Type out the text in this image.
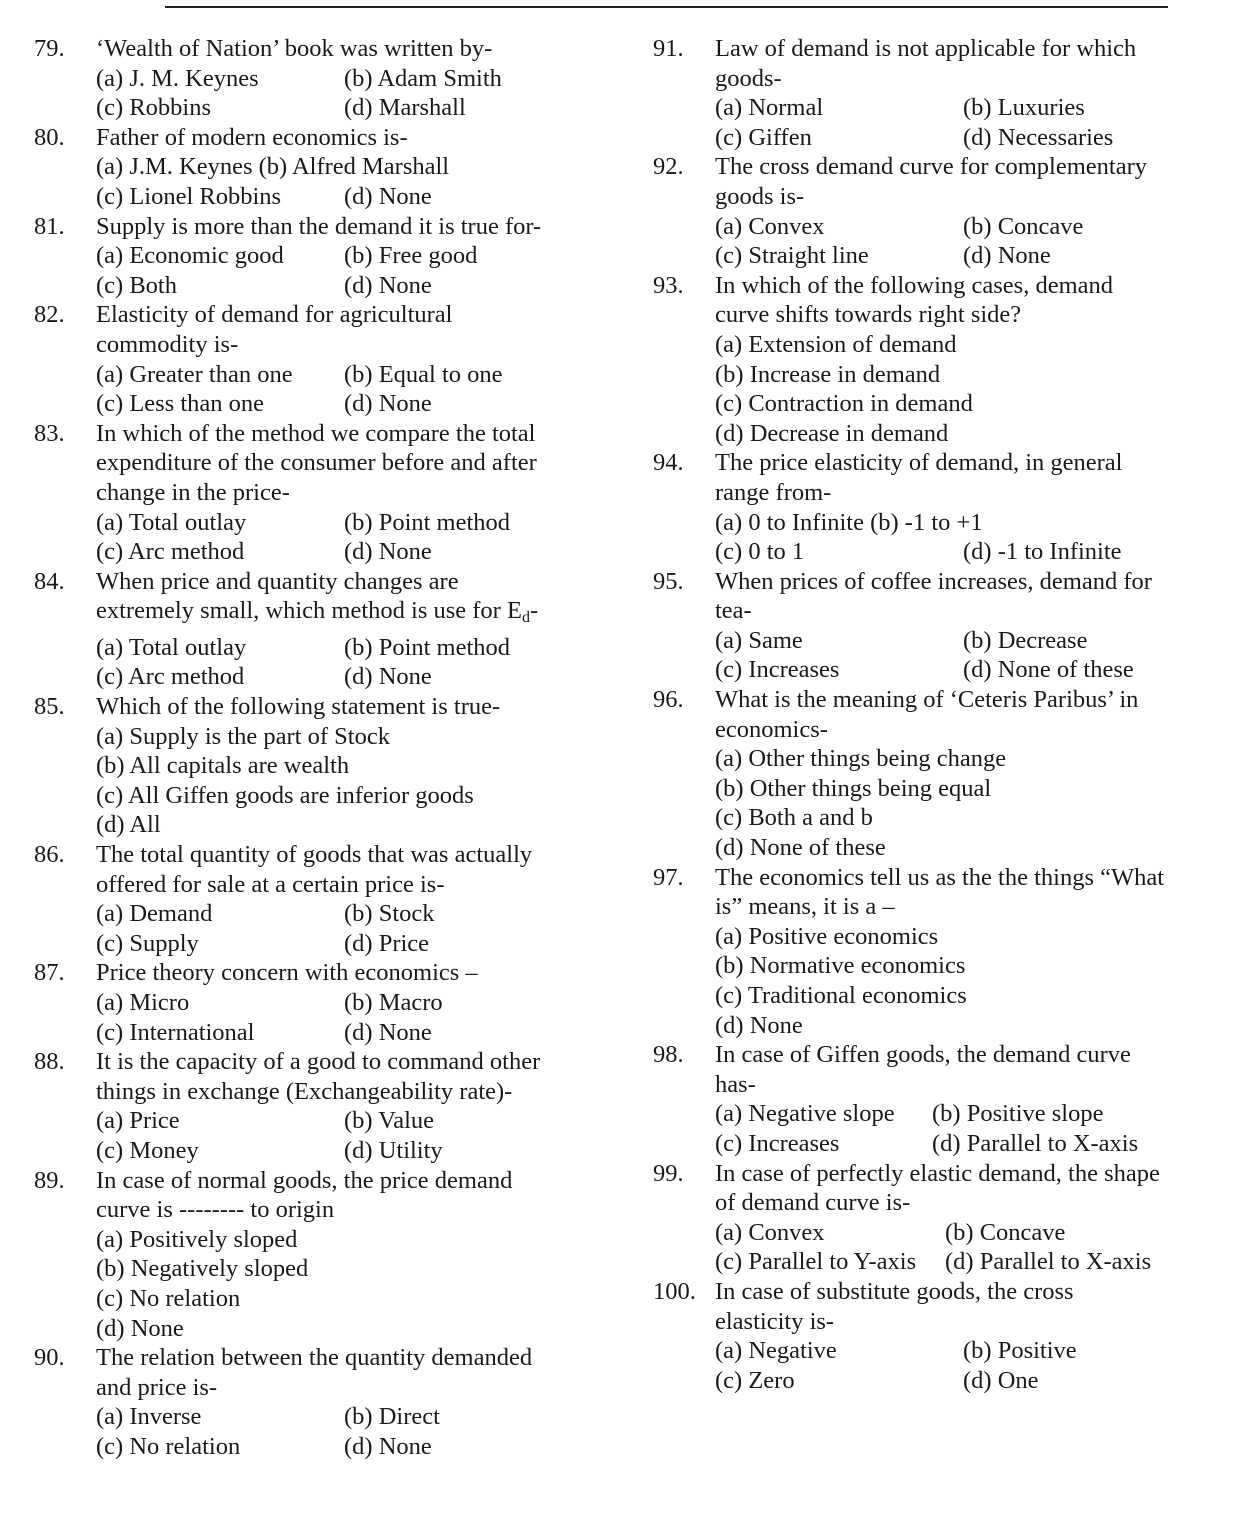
79.	‘Wealth of Nation’ book was written by-
(a) J. M. Keynes	(b) Adam Smith
(c) Robbins	(d) Marshall
80.	Father of modern economics is-
(a) J.M. Keynes (b) Alfred Marshall
(c) Lionel Robbins	(d) None
81.	Supply is more than the demand it is true for-
(a) Economic good	(b) Free good
(c) Both	(d) None
82.	Elasticity of demand for agricultural
commodity is-
(a) Greater than one	(b) Equal to one
(c) Less than one	(d) None
83.	In which of the method we compare the total
expenditure of the consumer before and after
change in the price-
(a) Total outlay	(b) Point method
(c) Arc method	(d) None
84.	When price and quantity changes are
extremely small, which method is use for $E_d-$
(a) Total outlay	(b) Point method
(c) Arc method	(d) None
85.	Which of the following statement is true-
(a) Supply is the part of Stock
(b) All capitals are wealth
(c) All Giffen goods are inferior goods
(d) All
86.	The total quantity of goods that was actually
offered for sale at a certain price is-
(a) Demand	(b) Stock
(c) Supply	(d) Price
87.	Price theory concern with economics –
(a) Micro	(b) Macro
(c) International	(d) None
88.	It is the capacity of a good to command other
things in exchange (Exchangeability rate)-
(a) Price	(b) Value
(c) Money	(d) Utility
89.	In case of normal goods, the price demand
curve is -------- to origin
(a) Positively sloped
(b) Negatively sloped
(c) No relation
(d) None
90.	The relation between the quantity demanded
and price is-
(a) Inverse	(b) Direct
(c) No relation	(d) None
91.	Law of demand is not applicable for which
goods-
(a) Normal	(b) Luxuries
(c) Giffen	(d) Necessaries
92.	The cross demand curve for complementary
goods is-
(a) Convex	(b) Concave
(c) Straight line	(d) None
93.	In which of the following cases, demand
curve shifts towards right side?
(a) Extension of demand
(b) Increase in demand
(c) Contraction in demand
(d) Decrease in demand
94.	The price elasticity of demand, in general
range from-
(a) 0 to Infinite (b) -1 to +1
(c) 0 to 1	(d) -1 to Infinite
95.	When prices of coffee increases, demand for
tea-
(a) Same	(b) Decrease
(c) Increases	(d) None of these
96.	What is the meaning of ‘Ceteris Paribus’ in
economics-
(a) Other things being change
(b) Other things being equal
(c) Both a and b
(d) None of these
97.	The economics tell us as the the things “What
is” means, it is a –
(a) Positive economics
(b) Normative economics
(c) Traditional economics
(d) None
98.	In case of Giffen goods, the demand curve
has-
(a) Negative slope	(b) Positive slope
(c) Increases	(d) Parallel to X-axis
99.	In case of perfectly elastic demand, the shape
of demand curve is-
(a) Convex	(b) Concave
(c) Parallel to Y-axis	(d) Parallel to X-axis
100. In case of substitute goods, the cross
elasticity is-
(a) Negative	(b) Positive
(c) Zero	(d) One
